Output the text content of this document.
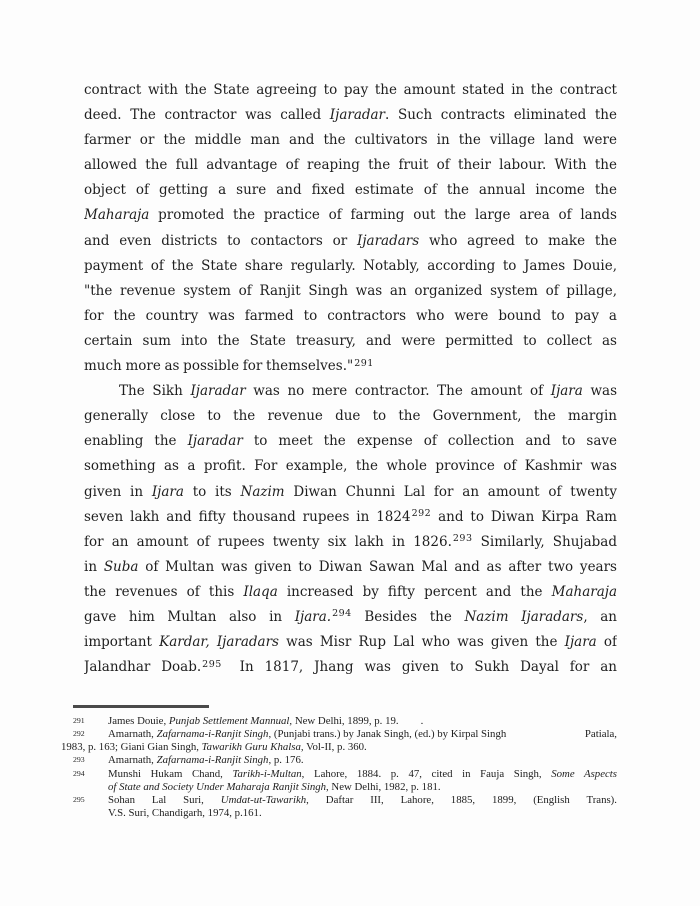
contract with the State agreeing to pay the amount stated in the contract
deed. The contractor was called Ijaradar. Such contracts eliminated the
farmer or the middle man and the cultivators in the village land were
allowed the full advantage of reaping the fruit of their labour. With the
object of getting a sure and fixed estimate of the annual income the
Maharaja promoted the practice of farming out the large area of lands
and even districts to contactors or Ijaradars who agreed to make the
payment of the State share regularly. Notably, according to James Douie,
"the revenue system of Ranjit Singh was an organized system of pillage,
for the country was farmed to contractors who were bound to pay a
certain sum into the State treasury, and were permitted to collect as
much more as possible for themselves."$^{291}$
The Sikh Ijaradar was no mere contractor. The amount of Ijara was
generally close to the revenue due to the Government, the margin
enabling the Ijaradar to meet the expense of collection and to save
something as a profit. For example, the whole province of Kashmir was
given in Ijara to its Nazim Diwan Chunni Lal for an amount of twenty
seven lakh and fifty thousand rupees in 1824$^{292}$ and to Diwan Kirpa Ram
for an amount of rupees twenty six lakh in 1826.$^{293}$ Similarly, Shujabad
in Suba of Multan was given to Diwan Sawan Mal and as after two years
the revenues of this Ilaqa increased by fifty percent and the Maharaja
gave him Multan also in Ijara.$^{294}$ Besides the Nazim Ijaradars, an
important Kardar, Ijaradars was Misr Rup Lal who was given the Ijara of
Jalandhar Doab.$^{295}$ In 1817, Jhang was given to Sukh Dayal for an
291 James Douie, Punjab Settlement Mannual, New Delhi, 1899, p. 19. .
292 Amarnath, Zafarnama-i-Ranjit Singh, (Punjabi trans.) by Janak Singh, (ed.) by Kirpal Singh	Patiala,
1983, p. 163; Giani Gian Singh, Tawarikh Guru Khalsa, Vol-II, p. 360.
293 Amarnath, Zafarnama-i-Ranjit Singh, p. 176.
294 Munshi Hukam Chand, Tarikh-i-Multan, Lahore, 1884. p. 47, cited in Fauja Singh, Some Aspects
of State and Society Under Maharaja Ranjit Singh, New Delhi, 1982, p. 181.
295 Sohan Lal Suri, Umdat-ut-Tawarikh, Daftar III, Lahore, 1885, 1899, (English Trans).
V.S. Suri, Chandigarh, 1974, p.161.
